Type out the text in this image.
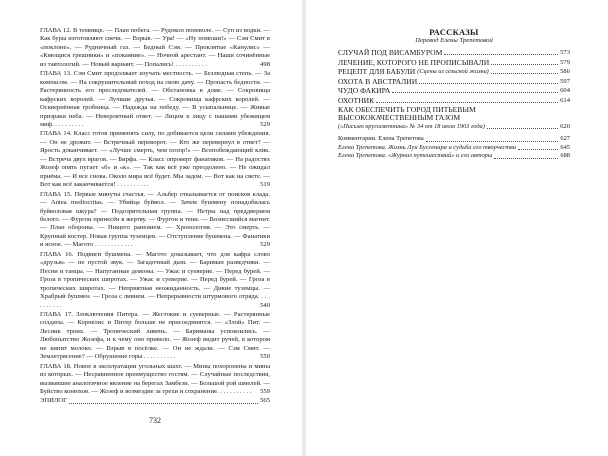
ГЛАВА 12. В темнице. — План побега. — Рудокоп поневоле. — Суп из водки. — Как буры изготовляют свечи. — Взрыв. — Ура! — «Ну помоши!» — Сэм Смит в «поклоне». — Рудничный газ. — Бедный Сэм. — Проклятые «Канулис» — «Кяющися грешники» и «покаяние». — Ночной арестант. — Наши сочинённые из тавтологий. — Новый вариант. — Попались! . . . . . . . . . .	498
ГЛАВА 13. Сэм Смит продолжает изучать местность. — Безлюдная степь. — За компасом. — На сокрушительный поход на свою дачу. — Пропасть бедности. — Растерянность его преследователей. — Обстановка в доме. — Сокровища кафрских королей. — Лучшие друзья. — Сокровища кафрских королей. — Осквернённая гробница. — Надежда на победу. — В усыпальнице. — Живые призраки неба. — Невероятный ответ. — Лицом к лицу с нашими убежищем миф. . . . . . . . . .	529
ГЛАВА 14. Класс готов применять силу, по добивается цели силами убеждения. — Он не дрожит. — Встречный переворот. — Кто же перевернул в ответ? — Ярость доканчивает. — «Лучше смерть, чем позор!» — Всепобеждающий клик. — Встреча двух врагов. — Бирфа. — Класс опроверг фанатиков. — На радостях Жозеф опять пугает «б» и «к». — Так как всё уже преодолено. — Не ожидал приёма. — И все снова. Около мира всё будет. Мы задом. — Вот как на свете. — Вот как всё заканчивается! . . . . . . . . . .	519
ГЛАВА 15. Первые минуты счастья. — Альбер отказывается от поисков клада. — Antea mediocritas. — Убийца буйвол. — Зачем бушмену понадобилась буйволовая шкура? — Подозрительная группа. — Нетры над преддверием белого. — Фургон принесён в жертву. — Фургон и тени. — Вознесшийся магнит. — План обороны. — Нищего ранением. — Хронология. — Это смерть. — Крупный костер. Новая группа туземцев. — Отступление бушмена. — Фанатики и ясное. — Магото . . . . . . . . . . . .	529
ГЛАВА 16. Подвиги бушмена. — Магото доказывает, что для кафра слово «друзья» — не пустой звук. — Загадочный дым. — Бариман разведчики. — Песни и танцы. — Напуганные демоны. — Ужас и суеверие. — Перед бурей. — Гроза в тропических широтах. — Ужас и суеверие. — Перед бурей. — Гроза в тропических широтах. — Неприятная неожиданность. — Дикие туземцы. — Храбрый бушмен. — Гроза с ливнем. — Непрерывности штурмового отряда. . . . . . . . . . .	540
ГЛАВА 17. Злоключения Питера. — Жестокие и суеверные. — Растерянные солдаты. — Корнелис и Питер больше не присоединятся. — «Злой» Пит. — Лесник троих. — Тропический ливень. — Бариманы успокоились. — Любопытство Жозефа, и к чему оно привело. — Жозеф видит ручей, в котором не кипит молоко. — Взрыв в посёлке. — Он не ждали. — Сэм Смит. — Землетрясение? — Обрушение горы . . . . . . . . . .	550
ГЛАВА 18. Новое в эксплуатации угольных шахт. — Мины похоронены и мины из которых. — Несравненное преимущество гостям. — Случайные последствия, вызвавшие аналогичное явление на берегах Замбези. — Большой рой шмелей. — Буйство конюхов. — Жозеф и возмездие за грехи и сохранение. . . . . . . . . . . 559
ЭПИЛОГ	565
732
РАССКАЗЫ
Перевод Елены Трепетовой
СЛУЧАЙ ПОД ВИСАМБУРОМ	573
ЛЕЧЕНИЕ, КОТОРОГО НЕ ПРОПИСЫВАЛИ	579
РЕЦЕПТ ДЛЯ БАБУЛИ (Сцены из сельской жизни)	586
ОХОТА В АВСТРАЛИИ	597
ЧУДО ФАКИРА	604
ОХОТНИК	614
КАК ОБЕСПЕЧИТЬ ГОРОД ПИТЬЕВЫМ ВЫСОКОКАЧЕСТВЕННЫМ ГАЗОМ
(«Письмо кругосветника» № 34 от 18 июля 1903 года)	620
Комментарии. Елена Трепетова	627
Елена Трепетова. Жизнь Луи Буссенара и судьба его творчества	645
Елена Трепетова. «Журнал путешествий» и его авторы	688
